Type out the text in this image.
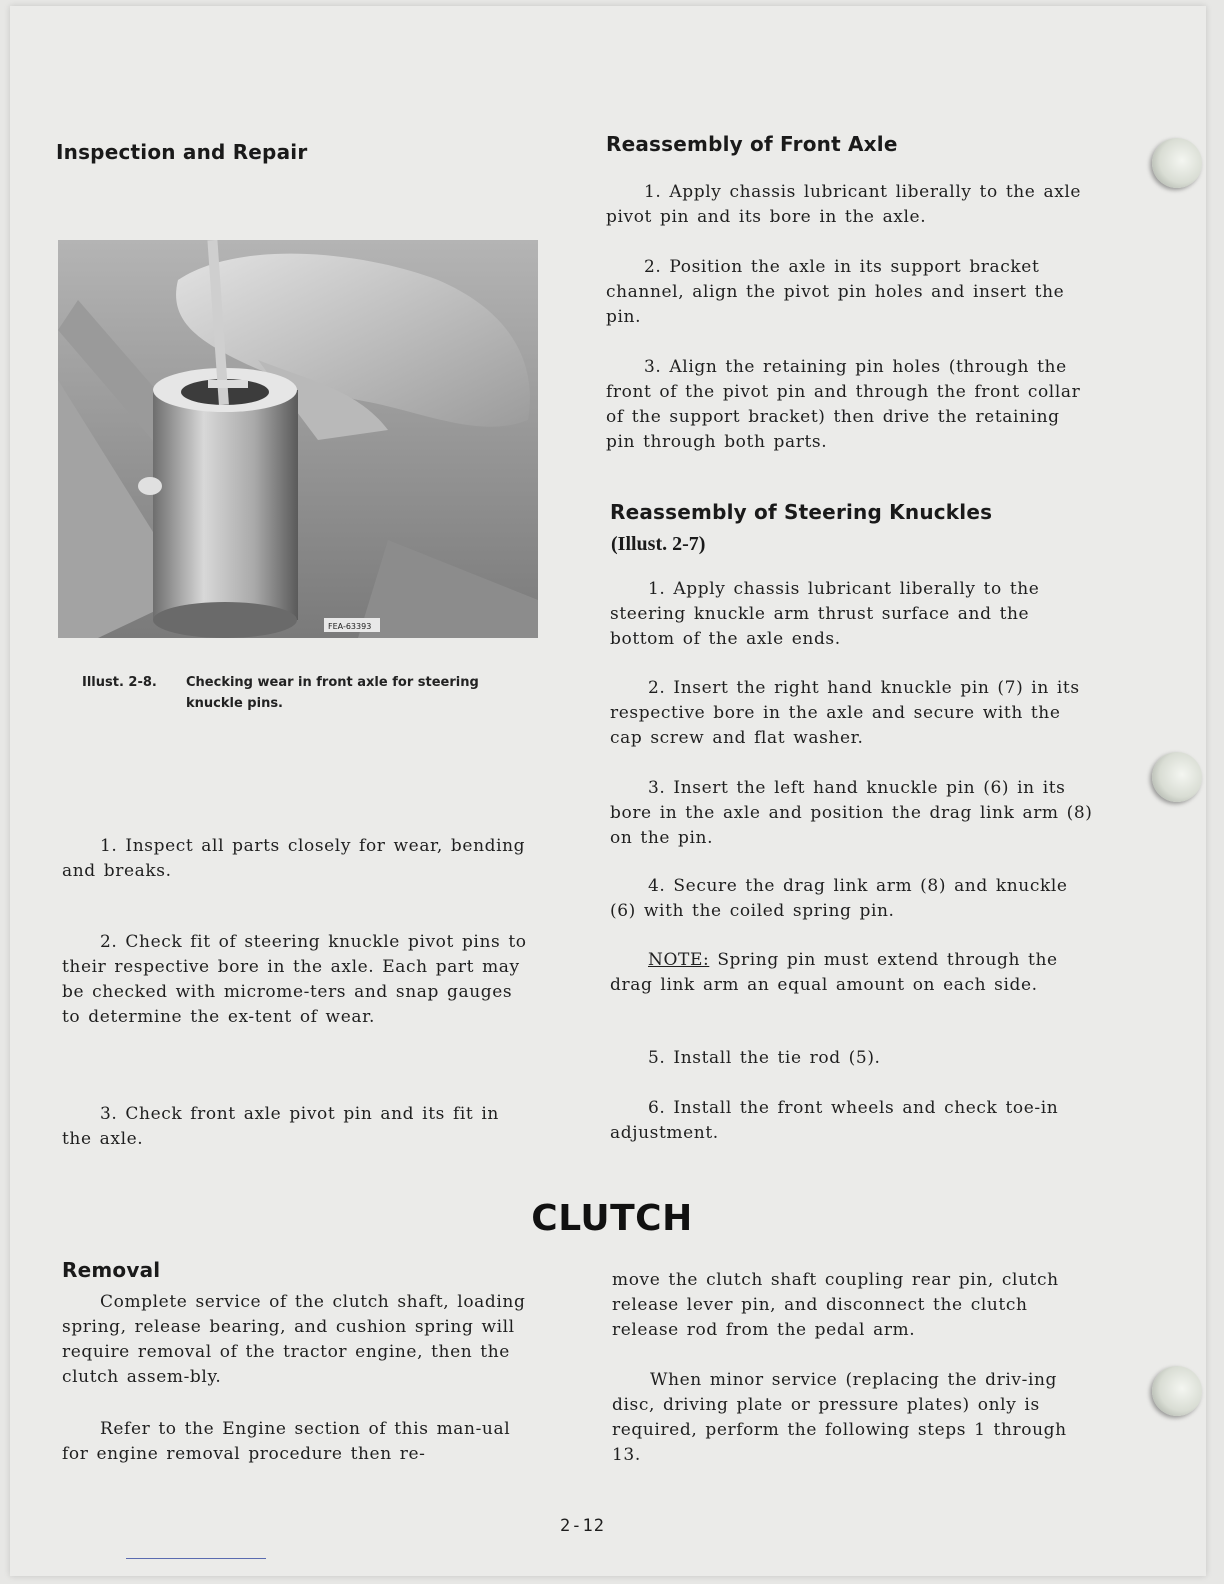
Inspection and Repair
FEA-63393
Illust. 2-8. Checking wear in front axle for steering knuckle pins.

1. Inspect all parts closely for wear, bending and breaks.

2. Check fit of steering knuckle pivot pins to their respective bore in the axle. Each part may be checked with microme-ters and snap gauges to determine the ex-tent of wear.

3. Check front axle pivot pin and its fit in the axle.

Reassembly of Front Axle

1. Apply chassis lubricant liberally to the axle pivot pin and its bore in the axle.

2. Position the axle in its support bracket channel, align the pivot pin holes and insert the pin.

3. Align the retaining pin holes (through the front of the pivot pin and through the front collar of the support bracket) then drive the retaining pin through both parts.

Reassembly of Steering Knuckles
(Illust. 2-7)

1. Apply chassis lubricant liberally to the steering knuckle arm thrust surface and the bottom of the axle ends.

2. Insert the right hand knuckle pin (7) in its respective bore in the axle and secure with the cap screw and flat washer.

3. Insert the left hand knuckle pin (6) in its bore in the axle and position the drag link arm (8) on the pin.

4. Secure the drag link arm (8) and knuckle (6) with the coiled spring pin.

NOTE: Spring pin must extend through the drag link arm an equal amount on each side.

5. Install the tie rod (5).

6. Install the front wheels and check toe-in adjustment.

CLUTCH
Removal

Complete service of the clutch shaft, loading spring, release bearing, and cushion spring will require removal of the tractor engine, then the clutch assem-bly.

Refer to the Engine section of this man-ual for engine removal procedure then re-

move the clutch shaft coupling rear pin, clutch release lever pin, and disconnect the clutch release rod from the pedal arm.

When minor service (replacing the driv-ing disc, driving plate or pressure plates) only is required, perform the following steps 1 through 13.

2-12
